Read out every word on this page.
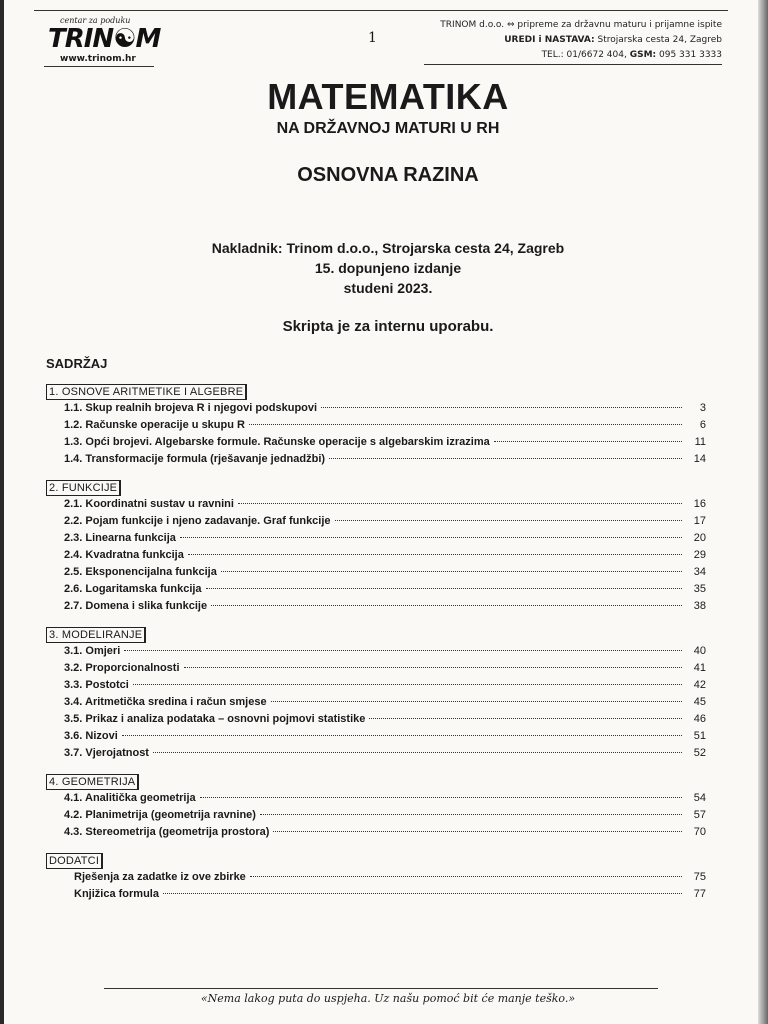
centar za poduku
TRIN☯M
www.trinom.hr
1
TRINOM d.o.o. ⇔ pripreme za državnu maturu i prijamne ispite
UREDI i NASTAVA: Strojarska cesta 24, Zagreb
TEL.: 01/6672 404, GSM: 095 331 3333
MATEMATIKA
NA DRŽAVNOJ MATURI U RH
OSNOVNA RAZINA
Nakladnik: Trinom d.o.o., Strojarska cesta 24, Zagreb
15. dopunjeno izdanje
studeni 2023.
Skripta je za internu uporabu.
SADRŽAJ
1. OSNOVE ARITMETIKE I ALGEBRE
1.1. Skup realnih brojeva R i njegovi podskupovi	3
1.2. Računske operacije u skupu R	6
1.3. Opći brojevi. Algebarske formule. Računske operacije s algebarskim izrazima	11
1.4. Transformacije formula (rješavanje jednadžbi)	14
2. FUNKCIJE
2.1. Koordinatni sustav u ravnini	16
2.2. Pojam funkcije i njeno zadavanje. Graf funkcije	17
2.3. Linearna funkcija	20
2.4. Kvadratna funkcija	29
2.5. Eksponencijalna funkcija	34
2.6. Logaritamska funkcija	35
2.7. Domena i slika funkcije	38
3. MODELIRANJE
3.1. Omjeri	40
3.2. Proporcionalnosti	41
3.3. Postotci	42
3.4. Aritmetička sredina i račun smjese	45
3.5. Prikaz i analiza podataka – osnovni pojmovi statistike	46
3.6. Nizovi	51
3.7. Vjerojatnost	52
4. GEOMETRIJA
4.1. Analitička geometrija	54
4.2. Planimetrija (geometrija ravnine)	57
4.3. Stereometrija (geometrija prostora)	70
DODATCI
Rješenja za zadatke iz ove zbirke	75
Knjižica formula	77
«Nema lakog puta do uspjeha. Uz našu pomoć bit će manje teško.»
